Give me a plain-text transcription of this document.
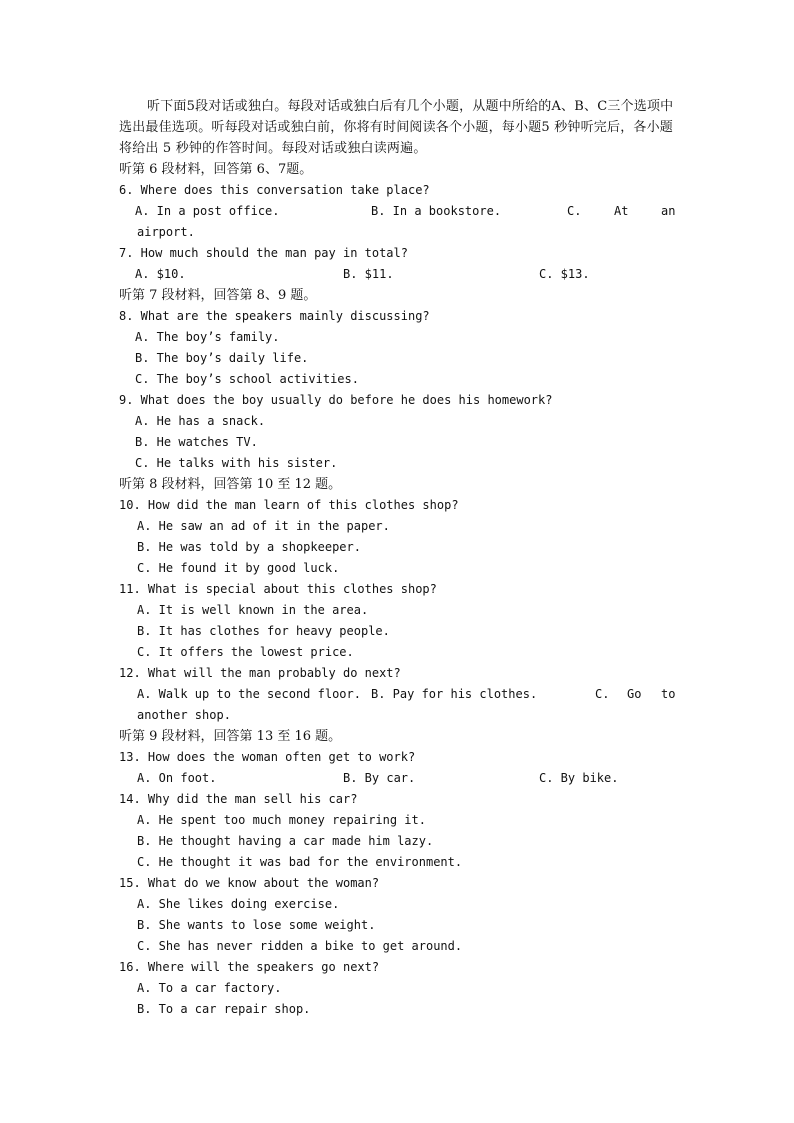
听下面5段对话或独白。每段对话或独白后有几个小题，从题中所给的A、B、C三个选项中选出最佳选项。听每段对话或独白前，你将有时间阅读各个小题，每小题5 秒钟听完后，各小题将给出 5 秒钟的作答时间。每段对话或独白读两遍。
听第 6 段材料，回答第 6、7题。
6. Where does this conversation take place?
A. In a post office.	B. In a bookstore.	C.	At	an
airport.
7. How much should the man pay in total?
A. $10.	B. $11.	C. $13.
听第 7 段材料，回答第 8、9 题。
8. What are the speakers mainly discussing?
A. The boy’s family.
B. The boy’s daily life.
C. The boy’s school activities.
9. What does the boy usually do before he does his homework?
A. He has a snack.
B. He watches TV.
C. He talks with his sister.
听第 8 段材料，回答第 10 至 12 题。
10. How did the man learn of this clothes shop?
A. He saw an ad of it in the paper.
B. He was told by a shopkeeper.
C. He found it by good luck.
11. What is special about this clothes shop?
A. It is well known in the area.
B. It has clothes for heavy people.
C. It offers the lowest price.
12. What will the man probably do next?
A. Walk up to the second floor. B. Pay for his clothes.	C. Go to
another shop.
听第 9 段材料，回答第 13 至 16 题。
13. How does the woman often get to work?
A. On foot.	B. By car.	C. By bike.
14. Why did the man sell his car?
A. He spent too much money repairing it.
B. He thought having a car made him lazy.
C. He thought it was bad for the environment.
15. What do we know about the woman?
A. She likes doing exercise.
B. She wants to lose some weight.
C. She has never ridden a bike to get around.
16. Where will the speakers go next?
A. To a car factory.
B. To a car repair shop.
